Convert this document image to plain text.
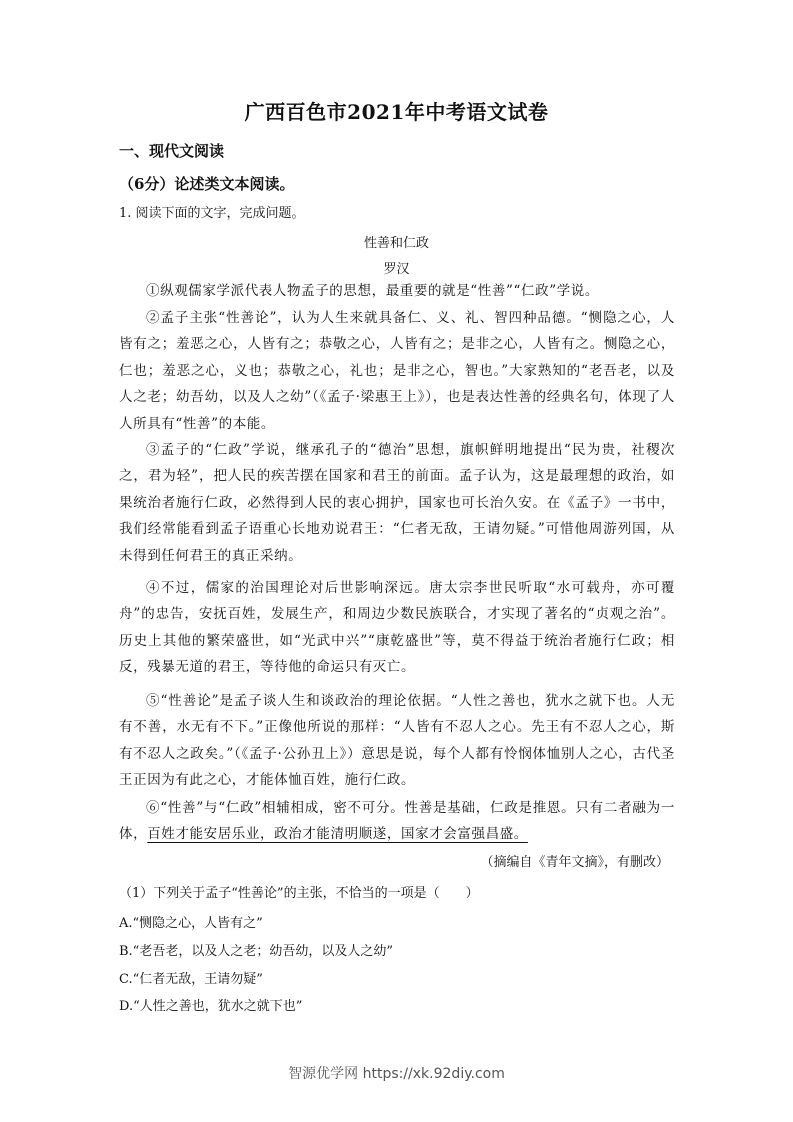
广西百色市2021年中考语文试卷
一、现代文阅读
（6分）论述类文本阅读。
1. 阅读下面的文字，完成问题。
性善和仁政
罗汉

①纵观儒家学派代表人物孟子的思想，最重要的就是“性善”“仁政”学说。

②孟子主张“性善论”，认为人生来就具备仁、义、礼、智四种品德。“恻隐之心，人皆有之；羞恶之心，人皆有之；恭敬之心，人皆有之；是非之心，人皆有之。恻隐之心，仁也；羞恶之心，义也；恭敬之心，礼也；是非之心，智也。”大家熟知的“老吾老，以及人之老；幼吾幼，以及人之幼”（《孟子·梁惠王上》），也是表达性善的经典名句，体现了人人所具有“性善”的本能。

③孟子的“仁政”学说，继承孔子的“德治”思想，旗帜鲜明地提出“民为贵，社稷次之，君为轻”，把人民的疾苦摆在国家和君王的前面。孟子认为，这是最理想的政治，如果统治者施行仁政，必然得到人民的衷心拥护，国家也可长治久安。在《孟子》一书中，我们经常能看到孟子语重心长地劝说君王：“仁者无敌，王请勿疑。”可惜他周游列国，从未得到任何君王的真正采纳。

④不过，儒家的治国理论对后世影响深远。唐太宗李世民听取“水可载舟，亦可覆舟”的忠告，安抚百姓，发展生产，和周边少数民族联合，才实现了著名的“贞观之治”。历史上其他的繁荣盛世，如“光武中兴”“康乾盛世”等，莫不得益于统治者施行仁政；相反，残暴无道的君王，等待他的命运只有灭亡。

⑤“性善论”是孟子谈人生和谈政治的理论依据。“人性之善也，犹水之就下也。人无有不善，水无有不下。”正像他所说的那样：“人皆有不忍人之心。先王有不忍人之心，斯有不忍人之政矣。”（《孟子·公孙丑上》）意思是说，每个人都有怜悯体恤别人之心，古代圣王正因为有此之心，才能体恤百姓，施行仁政。

⑥“性善”与“仁政”相辅相成，密不可分。性善是基础，仁政是推恩。只有二者融为一体，百姓才能安居乐业，政治才能清明顺遂，国家才会富强昌盛。

（摘编自《青年文摘》，有删改）
（1）下列关于孟子“性善论”的主张，不恰当的一项是（　　）
A.“恻隐之心，人皆有之”
B.“老吾老，以及人之老；幼吾幼，以及人之幼”
C.“仁者无敌，王请勿疑”
D.“人性之善也，犹水之就下也”
智源优学网 https://xk.92diy.com
